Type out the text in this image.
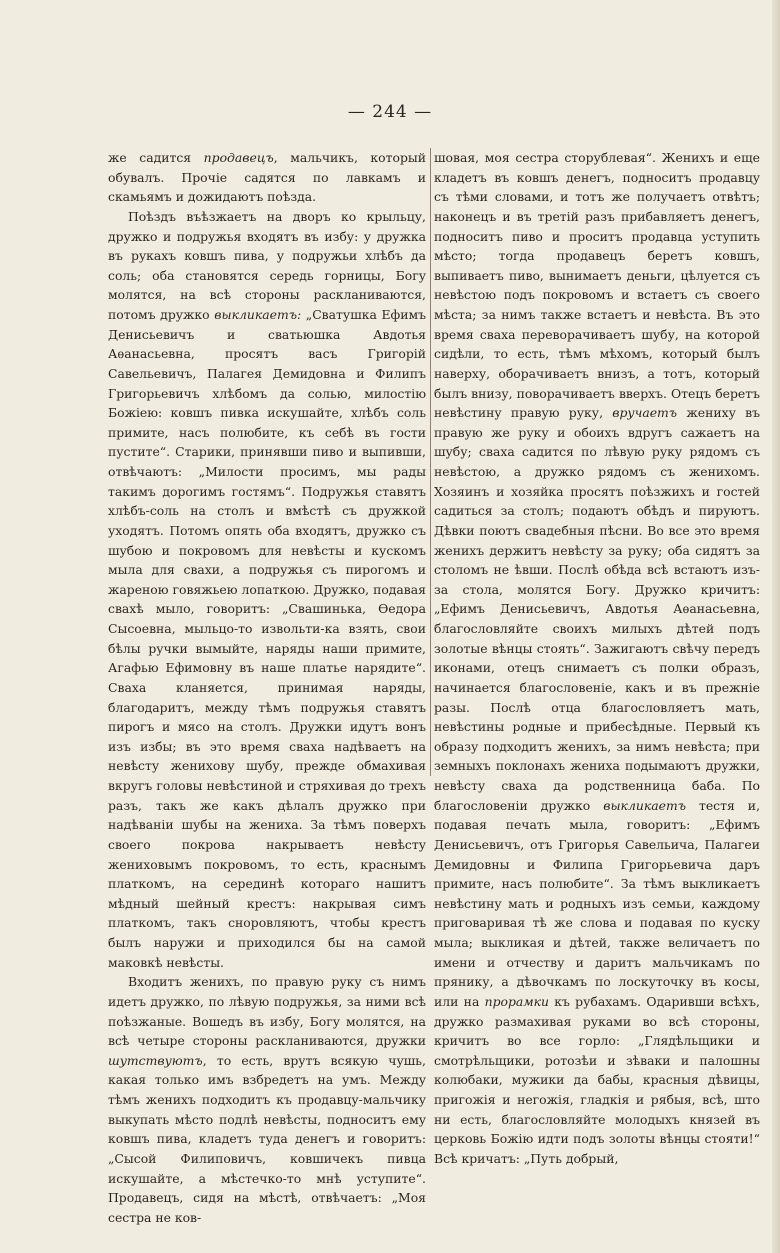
— 244 —

же садится продавецъ, мальчикъ, который обувалъ. Прочiе садятся по лавкамъ и скамьямъ и дожидаютъ поѣзда.

Поѣздъ въѣзжаетъ на дворъ ко крыльцу, дружко и подружья входятъ въ избу: у дружка въ рукахъ ковшъ пива, у подружьи хлѣбъ да соль; оба становятся середь горницы, Богу молятся, на всѣ стороны раскланиваются, потомъ дружко выкликаетъ: „Сватушка Ефимъ Денисьевичъ и сватьюшка Авдотья Аѳанасьевна, просятъ васъ Григорiй Савельевичъ, Палагея Демидовна и Филипъ Григорьевичъ хлѣбомъ да солью, милостiю Божiею: ковшъ пивка искушайте, хлѣбъ соль примите, насъ полюбите, къ себѣ въ гости пустите“. Старики, принявши пиво и выпивши, отвѣчаютъ: „Милости просимъ, мы рады такимъ дорогимъ гостямъ“. Подружья ставятъ хлѣбъ-соль на столъ и вмѣстѣ съ дружкой уходятъ. Потомъ опять оба входятъ, дружко съ шубою и покровомъ для невѣсты и кускомъ мыла для свахи, а подружья съ пирогомъ и жареною говяжьею лопаткою. Дружко, подавая свахѣ мыло, говоритъ: „Свашинька, Ѳедора Сысоевна, мыльцо-то извольти-ка взять, свои бѣлы ручки вымыйте, наряды наши примите, Агафью Ефимовну въ наше платье нарядите“. Сваха кланяется, принимая наряды, благодаритъ, между тѣмъ подружья ставятъ пирогъ и мясо на столъ. Дружки идутъ вонъ изъ избы; въ это время сваха надѣваетъ на невѣсту женихову шубу, прежде обмахивая вкругъ головы невѣстиной и стряхивая до трехъ разъ, такъ же какъ дѣлалъ дружко при надѣванiи шубы на жениха. За тѣмъ поверхъ своего покрова накрываетъ невѣсту жениховымъ покровомъ, то есть, краснымъ платкомъ, на серединѣ котораго нашитъ мѣдный шейный крестъ: накрывая симъ платкомъ, такъ сноровляютъ, чтобы крестъ былъ наружи и приходился бы на самой маковкѣ невѣсты.

Входитъ женихъ, по правую руку съ нимъ идетъ дружко, по лѣвую подружья, за ними всѣ поѣзжаные. Вошедъ въ избу, Богу молятся, на всѣ четыре стороны раскланиваются, дружки шутствуютъ, то есть, врутъ всякую чушь, какая только имъ взбредетъ на умъ. Между тѣмъ женихъ подходитъ къ продавцу-мальчику выкупать мѣсто подлѣ невѣсты, подноситъ ему ковшъ пива, кладетъ туда денегъ и говоритъ: „Сысой Филиповичъ, ковшичекъ пивца искушайте, а мѣстечко-то мнѣ уступите“. Продавецъ, сидя на мѣстѣ, отвѣчаетъ: „Моя сестра не ков-

шовая, моя сестра сторублевая“. Женихъ и еще кладетъ въ ковшъ денегъ, подноситъ продавцу съ тѣми словами, и тотъ же получаетъ отвѣтъ; наконецъ и въ третiй разъ прибавляетъ денегъ, подноситъ пиво и проситъ продавца уступить мѣсто; тогда продавецъ беретъ ковшъ, выпиваетъ пиво, вынимаетъ деньги, цѣлуется съ невѣстою подъ покровомъ и встаетъ съ своего мѣста; за нимъ также встаетъ и невѣста. Въ это время сваха переворачиваетъ шубу, на которой сидѣли, то есть, тѣмъ мѣхомъ, который былъ наверху, оборачиваетъ внизъ, а тотъ, который былъ внизу, поворачиваетъ вверхъ. Отецъ беретъ невѣстину правую руку, вручаетъ жениху въ правую же руку и обоихъ вдругъ сажаетъ на шубу; сваха садится по лѣвую руку рядомъ съ невѣстою, а дружко рядомъ съ женихомъ. Хозяинъ и хозяйка просятъ поѣзжихъ и гостей садиться за столъ; подаютъ обѣдъ и пируютъ. Дѣвки поютъ свадебныя пѣсни. Во все это время женихъ держитъ невѣсту за руку; оба сидятъ за столомъ не ѣвши. Послѣ обѣда всѣ встаютъ изъ-за стола, молятся Богу. Дружко кричитъ: „Ефимъ Денисьевичъ, Авдотья Аѳанасьевна, благословляйте своихъ милыхъ дѣтей подъ золотые вѣнцы стоять“. Зажигаютъ свѣчу передъ иконами, отецъ снимаетъ съ полки образъ, начинается благословенiе, какъ и въ прежнiе разы. Послѣ отца благословляетъ мать, невѣстины родные и прибесѣдные. Первый къ образу подходитъ женихъ, за нимъ невѣста; при земныхъ поклонахъ жениха подымаютъ дружки, невѣсту сваха да родственница баба. По благословенiи дружко выкликаетъ тестя и, подавая печать мыла, говоритъ: „Ефимъ Денисьевичъ, отъ Григорья Савельича, Палагеи Демидовны и Филипа Григорьевича даръ примите, насъ полюбите“. За тѣмъ выкликаетъ невѣстину мать и родныхъ изъ семьи, каждому приговаривая тѣ же слова и подавая по куску мыла; выкликая и дѣтей, также величаетъ по имени и отчеству и даритъ мальчикамъ по прянику, а дѣвочкамъ по лоскуточку въ косы, или на прорамки къ рубахамъ. Одаривши всѣхъ, дружко размахивая руками во всѣ стороны, кричитъ во все горло: „Глядѣльщики и смотрѣльщики, ротозѣи и зѣваки и палошны колюбаки, мужики да бабы, красныя дѣвицы, пригожiя и негожiя, гладкiя и рябыя, всѣ, што ни есть, благословляйте молодыхъ князей въ церковь Божiю идти подъ золоты вѣнцы стояти!“ Всѣ кричатъ: „Путь добрый,
